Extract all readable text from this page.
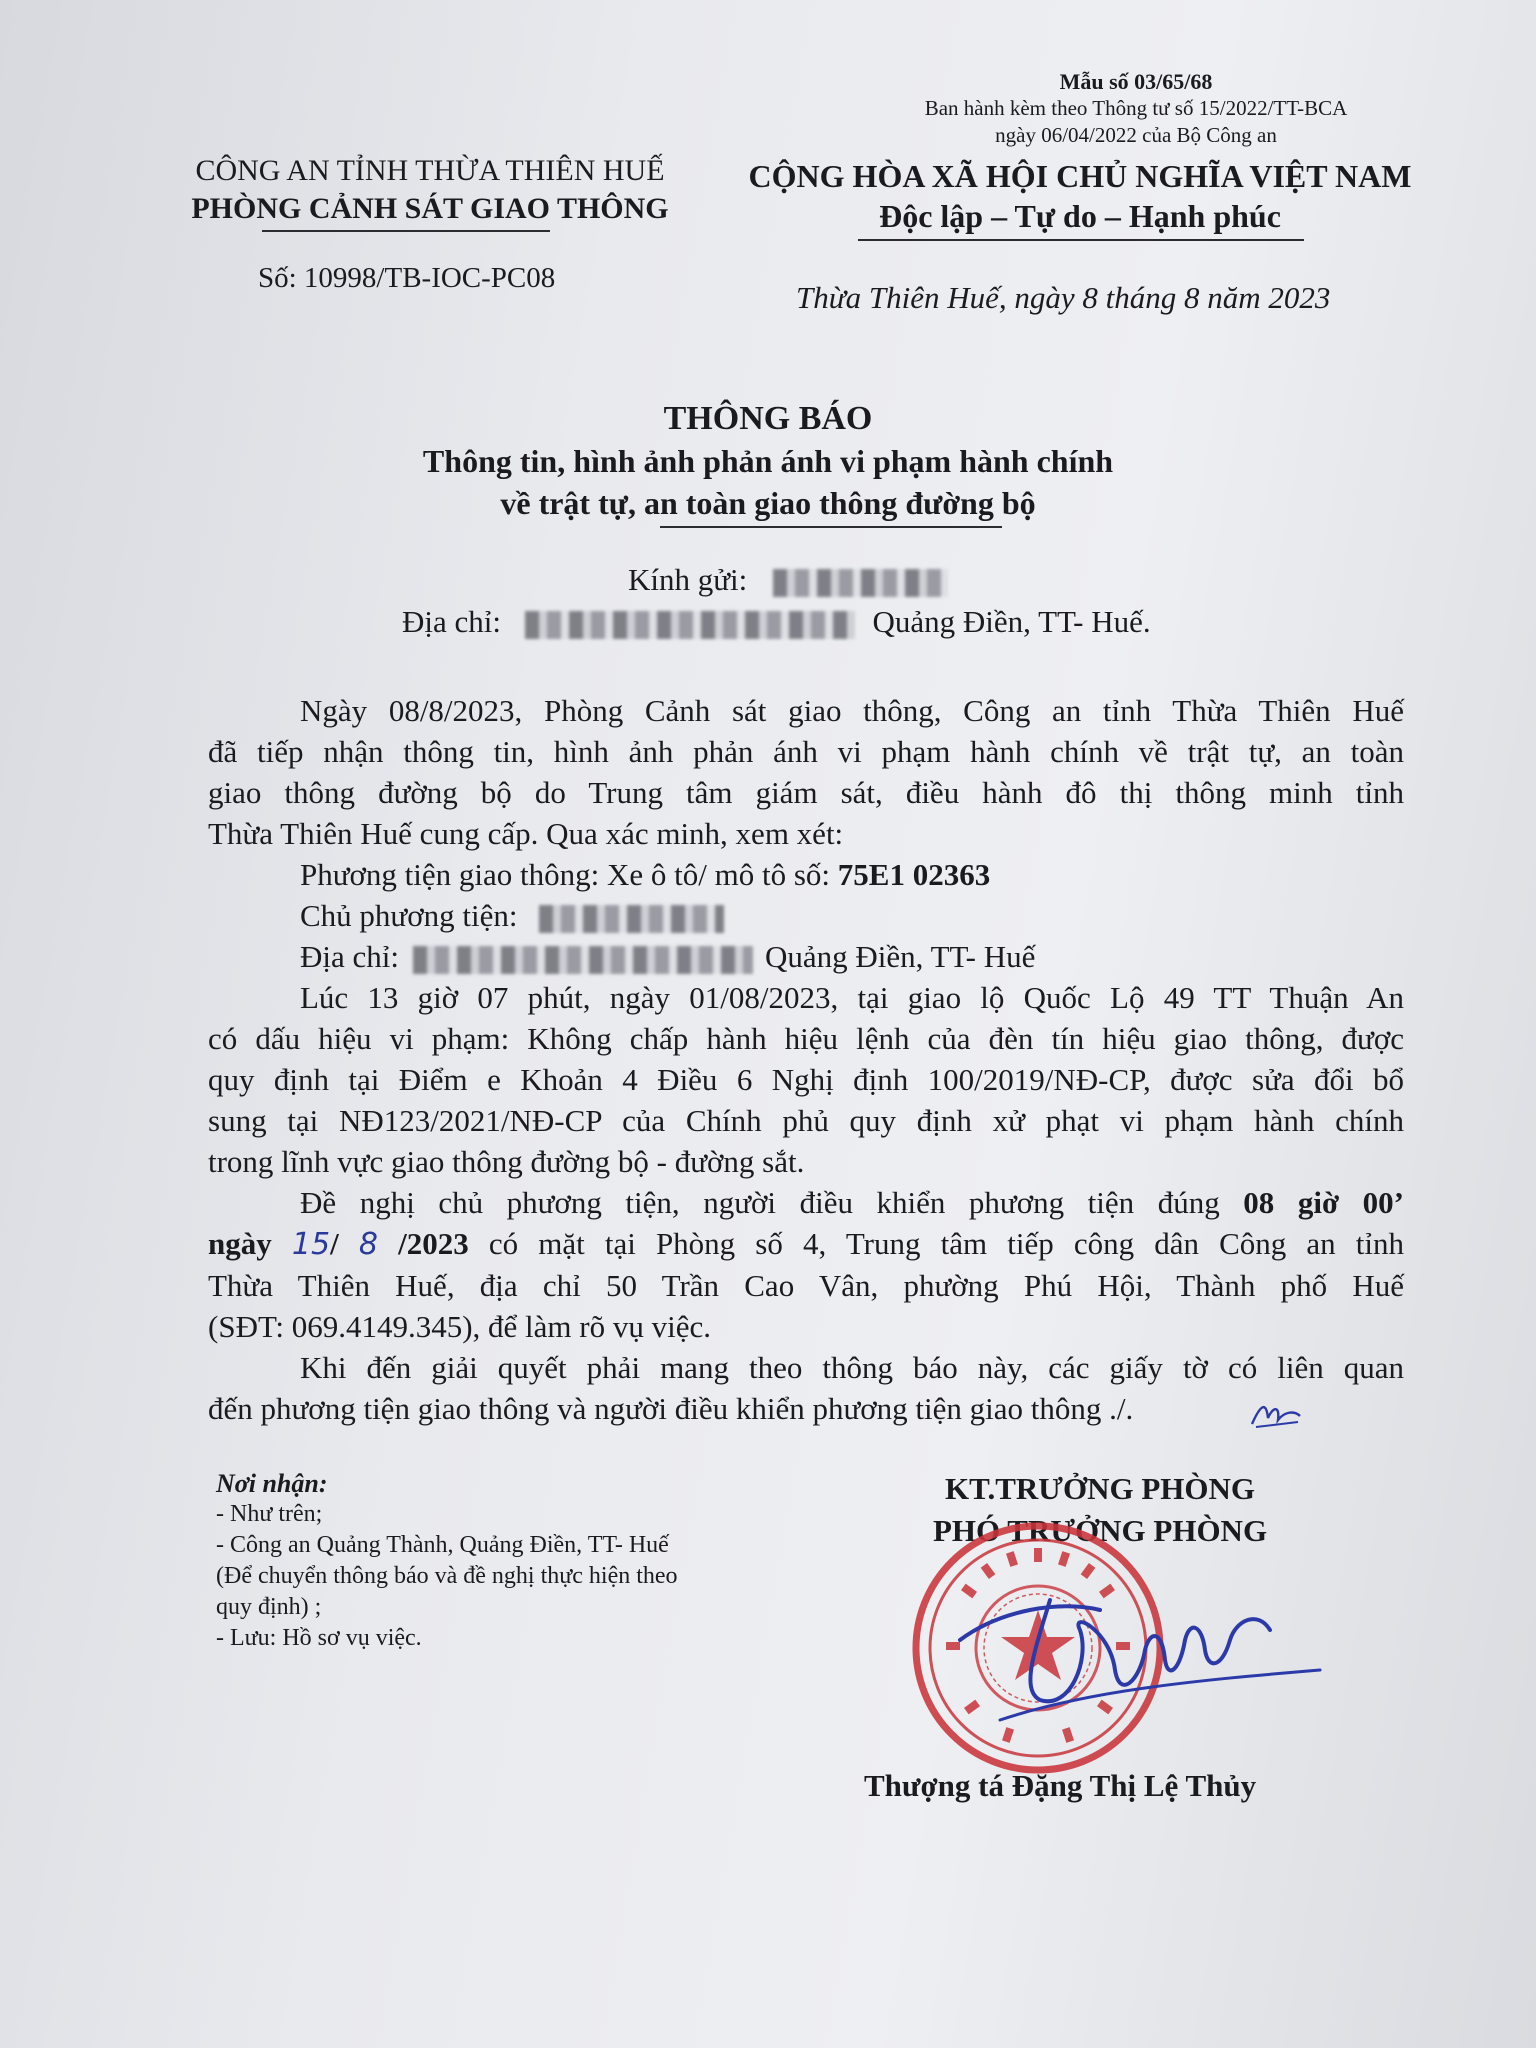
Mẫu số 03/65/68
Ban hành kèm theo Thông tư số 15/2022/TT-BCA
ngày 06/04/2022 của Bộ Công an
CÔNG AN TỈNH THỪA THIÊN HUẾ
PHÒNG CẢNH SÁT GIAO THÔNG
CỘNG HÒA XÃ HỘI CHỦ NGHĨA VIỆT NAM
Độc lập – Tự do – Hạnh phúc
Số: 10998/TB-IOC-PC08
Thừa Thiên Huế, ngày 8 tháng 8 năm 2023
THÔNG BÁO
Thông tin, hình ảnh phản ánh vi phạm hành chính
về trật tự, an toàn giao thông đường bộ
Kính gửi:
Địa chỉ:	Quảng Điền, TT- Huế.

Ngày 08/8/2023, Phòng Cảnh sát giao thông, Công an tỉnh Thừa Thiên Huế

đã tiếp nhận thông tin, hình ảnh phản ánh vi phạm hành chính về trật tự, an toàn

giao thông đường bộ do Trung tâm giám sát, điều hành đô thị thông minh tỉnh

Thừa Thiên Huế cung cấp. Qua xác minh, xem xét:

Phương tiện giao thông: Xe ô tô/ mô tô số: 75E1 02363

Chủ phương tiện:

Địa chỉ:	Quảng Điền, TT- Huế

Lúc 13 giờ 07 phút, ngày 01/08/2023, tại giao lộ Quốc Lộ 49 TT Thuận An

có dấu hiệu vi phạm: Không chấp hành hiệu lệnh của đèn tín hiệu giao thông, được

quy định tại Điểm e Khoản 4 Điều 6 Nghị định 100/2019/NĐ-CP, được sửa đổi bổ

sung tại NĐ123/2021/NĐ-CP của Chính phủ quy định xử phạt vi phạm hành chính

trong lĩnh vực giao thông đường bộ - đường sắt.

Đề nghị chủ phương tiện, người điều khiển phương tiện đúng 08 giờ 00’

ngày 15/ 8 /2023 có mặt tại Phòng số 4, Trung tâm tiếp công dân Công an tỉnh

Thừa Thiên Huế, địa chỉ 50 Trần Cao Vân, phường Phú Hội, Thành phố Huế

(SĐT: 069.4149.345), để làm rõ vụ việc.

Khi đến giải quyết phải mang theo thông báo này, các giấy tờ có liên quan

đến phương tiện giao thông và người điều khiển phương tiện giao thông ./.

Nơi nhận:
- Như trên;
- Công an Quảng Thành, Quảng Điền, TT- Huế
(Để chuyển thông báo và đề nghị thực hiện theo
quy định) ;
- Lưu: Hồ sơ vụ việc.
KT.TRƯỞNG PHÒNG
PHÓ TRƯỞNG PHÒNG
Thượng tá Đặng Thị Lệ Thủy
